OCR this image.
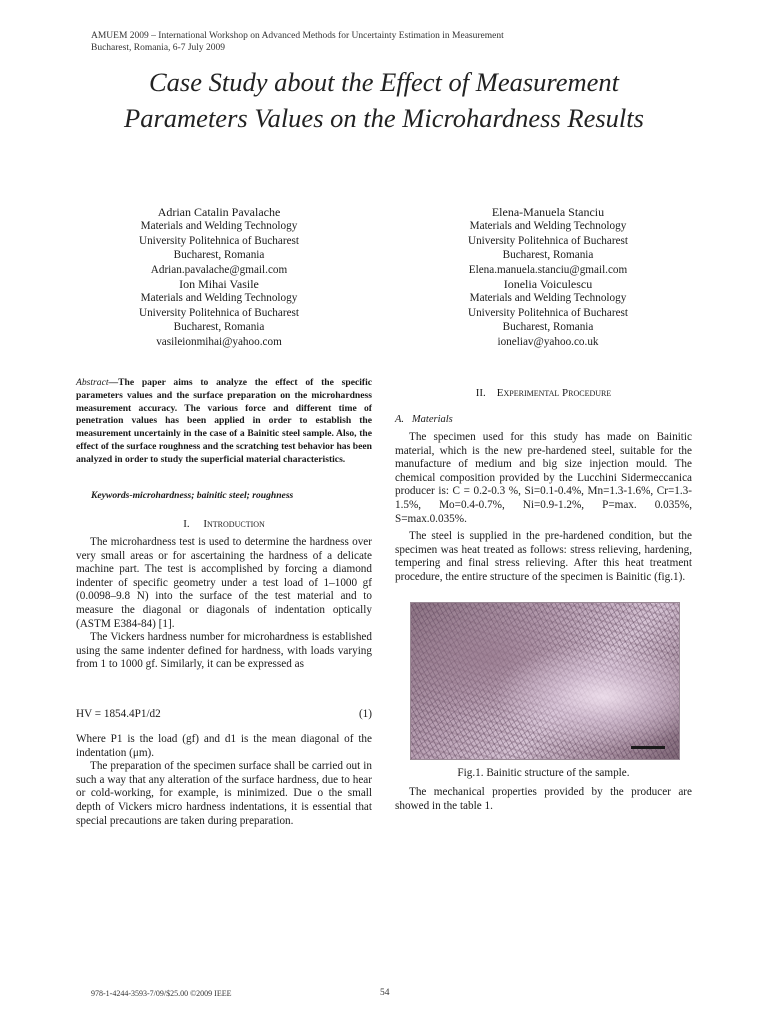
AMUEM 2009 – International Workshop on Advanced Methods for Uncertainty Estimation in Measurement
Bucharest, Romania, 6-7 July 2009
Case Study about the Effect of Measurement
Parameters Values on the Microhardness Results
Adrian Catalin Pavalache
Materials and Welding Technology
University Politehnica of Bucharest
Bucharest, Romania
Adrian.pavalache@gmail.com
Ion Mihai Vasile
Materials and Welding Technology
University Politehnica of Bucharest
Bucharest, Romania
vasileionmihai@yahoo.com
Elena-Manuela Stanciu
Materials and Welding Technology
University Politehnica of Bucharest
Bucharest, Romania
Elena.manuela.stanciu@gmail.com
Ionelia Voiculescu
Materials and Welding Technology
University Politehnica of Bucharest
Bucharest, Romania
ioneliav@yahoo.co.uk
Abstract—The paper aims to analyze the effect of the specific parameters values and the surface preparation on the microhardness measurement accuracy. The various force and different time of penetration values has been applied in order to establish the measurement uncertainly in the case of a Bainitic steel sample. Also, the effect of the surface roughness and the scratching test behavior has been analyzed in order to study the superficial material characteristics.
Keywords-microhardness; bainitic steel; roughness
I. Introduction

The microhardness test is used to determine the hardness over very small areas or for ascertaining the hardness of a delicate machine part. The test is accomplished by forcing a diamond indenter of specific geometry under a test load of 1–1000 gf (0.0098–9.8 N) into the surface of the test material and to measure the diagonal or diagonals of indentation optically (ASTM E384-84) [1].

The Vickers hardness number for microhardness is established using the same indenter defined for hardness, with loads varying from 1 to 1000 gf. Similarly, it can be expressed as

HV = 1854.4P1/d2	(1)

Where P1 is the load (gf) and d1 is the mean diagonal of the indentation (μm).

The preparation of the specimen surface shall be carried out in such a way that any alteration of the surface hardness, due to hear or cold-working, for example, is minimized. Due o the small depth of Vickers micro hardness indentations, it is essential that special precautions are taken during preparation.

II. Experimental Procedure
A. Materials

The specimen used for this study has made on Bainitic material, which is the new pre-hardened steel, suitable for the manufacture of medium and big size injection mould. The chemical composition provided by the Lucchini Sidermeccanica producer is: C = 0.2-0.3 %, Si=0.1-0.4%, Mn=1.3-1.6%, Cr=1.3-1.5%, Mo=0.4-0.7%, Ni=0.9-1.2%, P=max. 0.035%, S=max.0.035%.

The steel is supplied in the pre-hardened condition, but the specimen was heat treated as follows: stress relieving, hardening, tempering and final stress relieving. After this heat treatment procedure, the entire structure of the specimen is Bainitic (fig.1).

Fig.1. Bainitic structure of the sample.

The mechanical properties provided by the producer are showed in the table 1.

978-1-4244-3593-7/09/$25.00 ©2009 IEEE	54
